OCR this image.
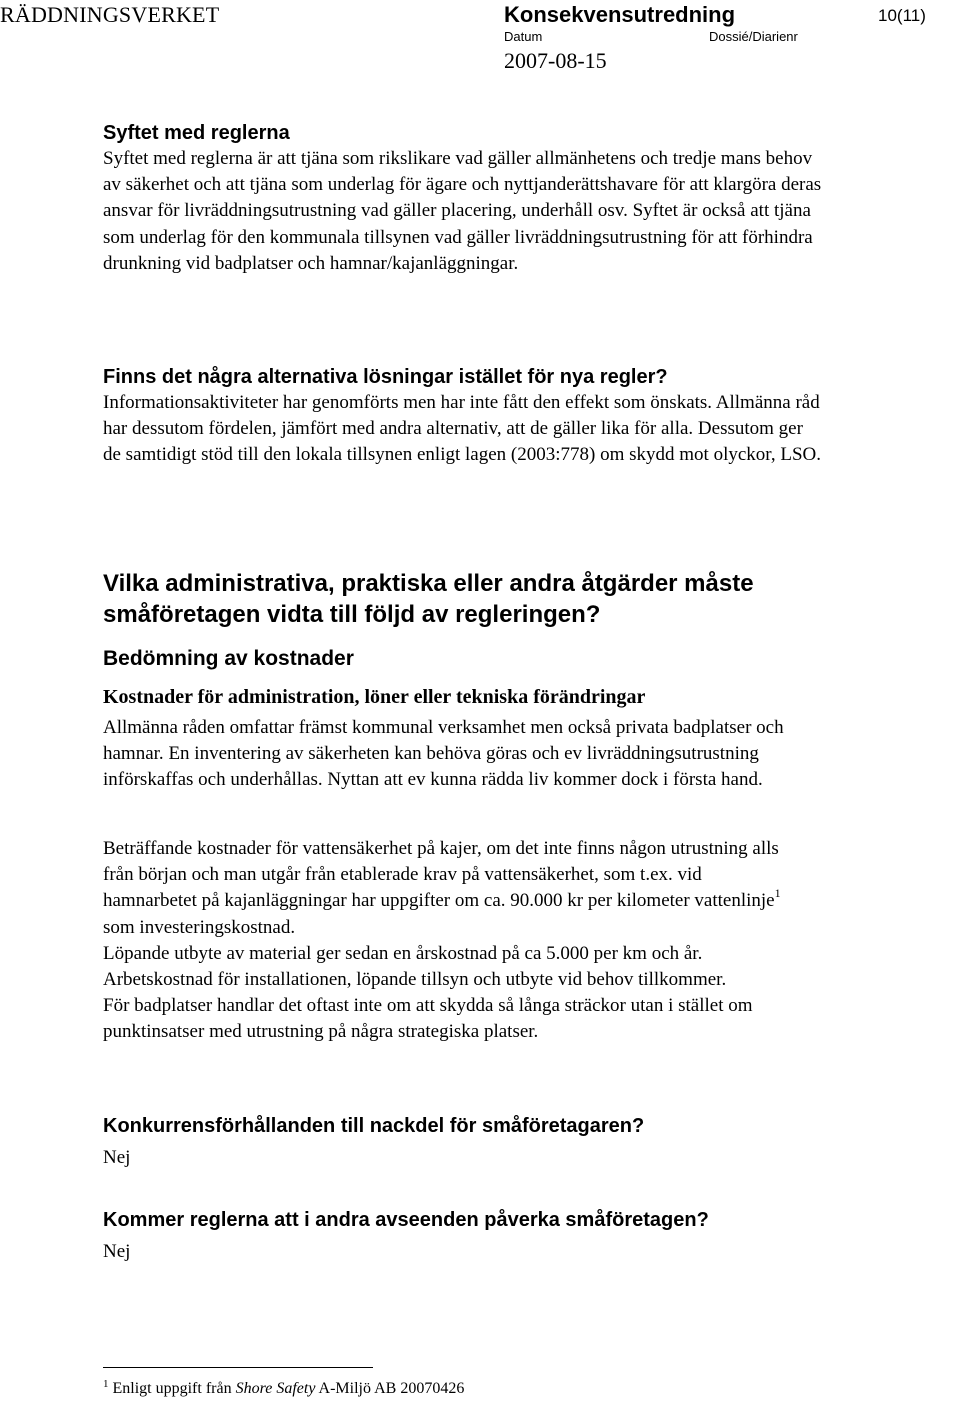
RÄDDNINGSVERKET	Konsekvensutredning	10(11)
Datum	Dossié/Diarienr
2007-08-15
Syftet med reglerna

Syftet med reglerna är att tjäna som rikslikare vad gäller allmänhetens och tredje mans behov av säkerhet och att tjäna som underlag för ägare och nyttjanderättshavare för att klargöra deras ansvar för livräddningsutrustning vad gäller placering, underhåll osv. Syftet är också att tjäna som underlag för den kommunala tillsynen vad gäller livräddningsutrustning för att förhindra drunkning vid badplatser och hamnar/kajanläggningar.

Finns det några alternativa lösningar istället för nya regler?

Informationsaktiviteter har genomförts men har inte fått den effekt som önskats. Allmänna råd har dessutom fördelen, jämfört med andra alternativ, att de gäller lika för alla. Dessutom ger de samtidigt stöd till den lokala tillsynen enligt lagen (2003:778) om skydd mot olyckor, LSO.

Vilka administrativa, praktiska eller andra åtgärder måste småföretagen vidta till följd av regleringen?
Bedömning av kostnader
Kostnader för administration, löner eller tekniska förändringar

Allmänna råden omfattar främst kommunal verksamhet men också privata badplatser och hamnar. En inventering av säkerheten kan behöva göras och ev livräddningsutrustning införskaffas och underhållas. Nyttan att ev kunna rädda liv kommer dock i första hand.

Beträffande kostnader för vattensäkerhet på kajer, om det inte finns någon utrustning alls från början och man utgår från etablerade krav på vattensäkerhet, som t.ex. vid hamnarbetet på kajanläggningar har uppgifter om ca. 90.000 kr per kilometer vattenlinje$^1$ som investeringskostnad.
Löpande utbyte av material ger sedan en årskostnad på ca 5.000 per km och år. Arbetskostnad för installationen, löpande tillsyn och utbyte vid behov tillkommer.
För badplatser handlar det oftast inte om att skydda så långa sträckor utan i stället om punktinsatser med utrustning på några strategiska platser.

Konkurrensförhållanden till nackdel för småföretagaren?

Nej

Kommer reglerna att i andra avseenden påverka småföretagen?

Nej

$^1$ Enligt uppgift från Shore Safety A-Miljö AB 20070426
